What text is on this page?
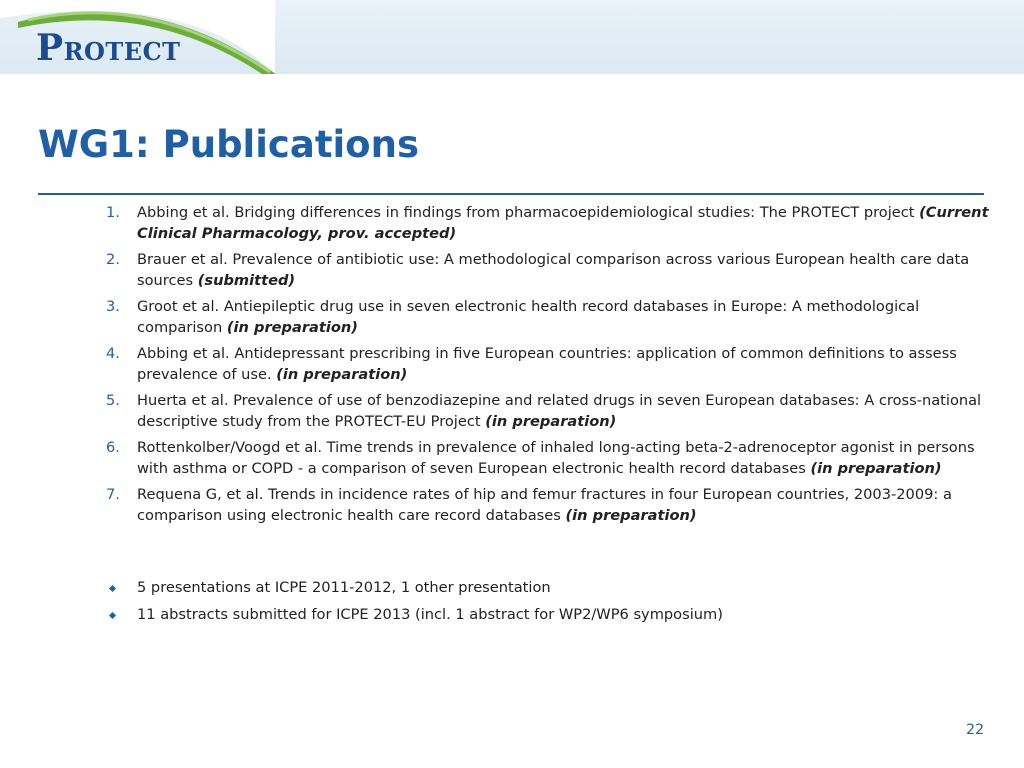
PROTECT
WG1: Publications
1. Abbing et al. Bridging differences in findings from pharmacoepidemiological studies: The PROTECT project (Current Clinical Pharmacology, prov. accepted)
2. Brauer et al. Prevalence of antibiotic use: A methodological comparison across various European health care data sources (submitted)
3. Groot et al. Antiepileptic drug use in seven electronic health record databases in Europe: A methodological comparison (in preparation)
4. Abbing et al. Antidepressant prescribing in five European countries: application of common definitions to assess prevalence of use. (in preparation)
5. Huerta et al. Prevalence of use of benzodiazepine and related drugs in seven European databases: A cross-national descriptive study from the PROTECT-EU Project (in preparation)
6. Rottenkolber/Voogd et al. Time trends in prevalence of inhaled long-acting beta-2-adrenoceptor agonist in persons with asthma or COPD - a comparison of seven European electronic health record databases (in preparation)
7. Requena G, et al. Trends in incidence rates of hip and femur fractures in four European countries, 2003-2009: a comparison using electronic health care record databases (in preparation)
5 presentations at ICPE 2011-2012, 1 other presentation
11 abstracts submitted for ICPE 2013 (incl. 1 abstract for WP2/WP6 symposium)
22
